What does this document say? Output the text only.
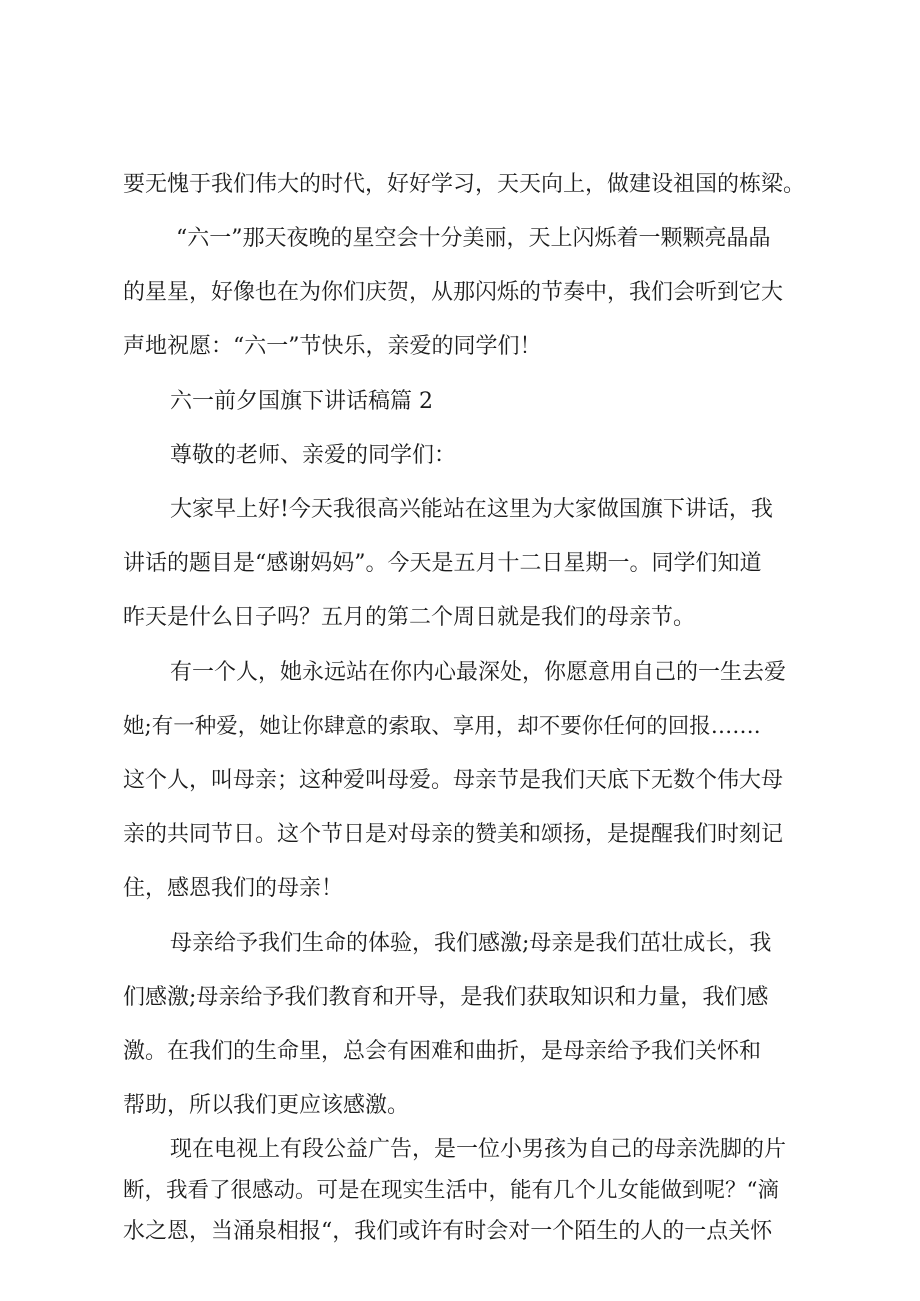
要无愧于我们伟大的时代，好好学习，天天向上，做建设祖国的栋梁。
“六一”那天夜晚的星空会十分美丽，天上闪烁着一颗颗亮晶晶
的星星，好像也在为你们庆贺，从那闪烁的节奏中，我们会听到它大
声地祝愿：“六一”节快乐，亲爱的同学们！
六一前夕国旗下讲话稿篇 2
尊敬的老师、亲爱的同学们：
大家早上好!今天我很高兴能站在这里为大家做国旗下讲话，我
讲话的题目是“感谢妈妈”。今天是五月十二日星期一。同学们知道
昨天是什么日子吗？五月的第二个周日就是我们的母亲节。
有一个人，她永远站在你内心最深处，你愿意用自己的一生去爱
她;有一种爱，她让你肆意的索取、享用，却不要你任何的回报…….
这个人，叫母亲；这种爱叫母爱。母亲节是我们天底下无数个伟大母
亲的共同节日。这个节日是对母亲的赞美和颂扬，是提醒我们时刻记
住，感恩我们的母亲！
母亲给予我们生命的体验，我们感激;母亲是我们茁壮成长，我
们感激;母亲给予我们教育和开导，是我们获取知识和力量，我们感
激。在我们的生命里，总会有困难和曲折，是母亲给予我们关怀和
帮助，所以我们更应该感激。
现在电视上有段公益广告，是一位小男孩为自己的母亲洗脚的片
断，我看了很感动。可是在现实生活中，能有几个儿女能做到呢？“滴
水之恩，当涌泉相报“，我们或许有时会对一个陌生的人的一点关怀
